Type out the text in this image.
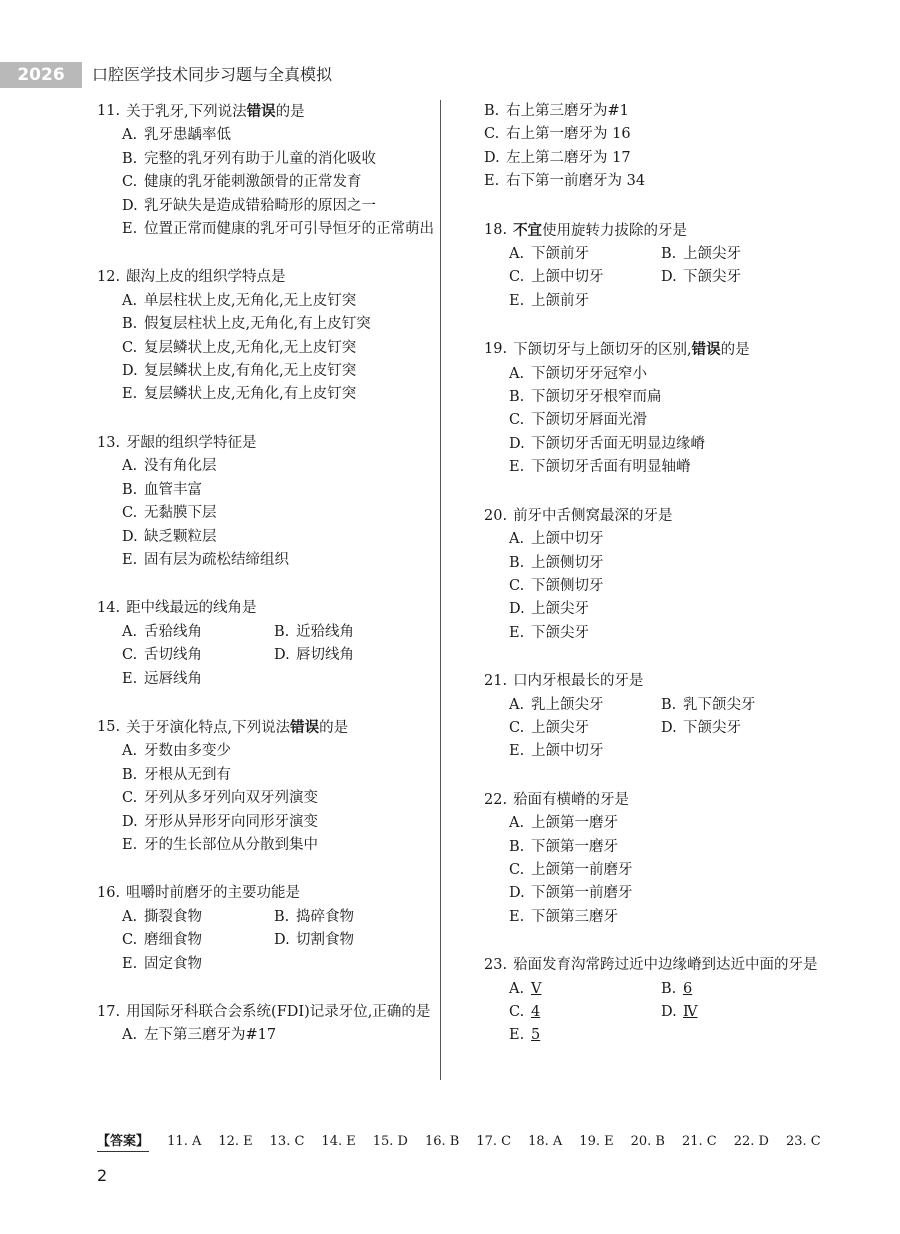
2026	口腔医学技术同步习题与全真模拟
11. 关于乳牙,下列说法错误的是
A. 乳牙患龋率低
B. 完整的乳牙列有助于儿童的消化吸收
C. 健康的乳牙能刺激颌骨的正常发育
D. 乳牙缺失是造成错𬌗畸形的原因之一
E. 位置正常而健康的乳牙可引导恒牙的正常萌出
12. 龈沟上皮的组织学特点是
A. 单层柱状上皮,无角化,无上皮钉突
B. 假复层柱状上皮,无角化,有上皮钉突
C. 复层鳞状上皮,无角化,无上皮钉突
D. 复层鳞状上皮,有角化,无上皮钉突
E. 复层鳞状上皮,无角化,有上皮钉突
13. 牙龈的组织学特征是
A. 没有角化层
B. 血管丰富
C. 无黏膜下层
D. 缺乏颗粒层
E. 固有层为疏松结缔组织
14. 距中线最远的线角是
A. 舌𬌗线角	B. 近𬌗线角
C. 舌切线角	D. 唇切线角
E. 远唇线角
15. 关于牙演化特点,下列说法错误的是
A. 牙数由多变少
B. 牙根从无到有
C. 牙列从多牙列向双牙列演变
D. 牙形从异形牙向同形牙演变
E. 牙的生长部位从分散到集中
16. 咀嚼时前磨牙的主要功能是
A. 撕裂食物	B. 捣碎食物
C. 磨细食物	D. 切割食物
E. 固定食物
17. 用国际牙科联合会系统(FDI)记录牙位,正确的是
A. 左下第三磨牙为#17
B. 右上第三磨牙为#1
C. 右上第一磨牙为 16
D. 左上第二磨牙为 17
E. 右下第一前磨牙为 34
18. 不宜使用旋转力拔除的牙是
A. 下颌前牙	B. 上颌尖牙
C. 上颌中切牙	D. 下颌尖牙
E. 上颌前牙
19. 下颌切牙与上颌切牙的区别,错误的是
A. 下颌切牙牙冠窄小
B. 下颌切牙牙根窄而扁
C. 下颌切牙唇面光滑
D. 下颌切牙舌面无明显边缘嵴
E. 下颌切牙舌面有明显轴嵴
20. 前牙中舌侧窝最深的牙是
A. 上颌中切牙
B. 上颌侧切牙
C. 下颌侧切牙
D. 上颌尖牙
E. 下颌尖牙
21. 口内牙根最长的牙是
A. 乳上颌尖牙	B. 乳下颌尖牙
C. 上颌尖牙	D. 下颌尖牙
E. 上颌中切牙
22. 𬌗面有横嵴的牙是
A. 上颌第一磨牙
B. 下颌第一磨牙
C. 上颌第一前磨牙
D. 下颌第一前磨牙
E. 下颌第三磨牙
23. 𬌗面发育沟常跨过近中边缘嵴到达近中面的牙是
A. Ⅴ	B. 6
C. 4	D. Ⅳ
E. 5
【答案】 11. A 12. E 13. C 14. E 15. D 16. B 17. C 18. A 19. E 20. B 21. C 22. D 23. C
2
